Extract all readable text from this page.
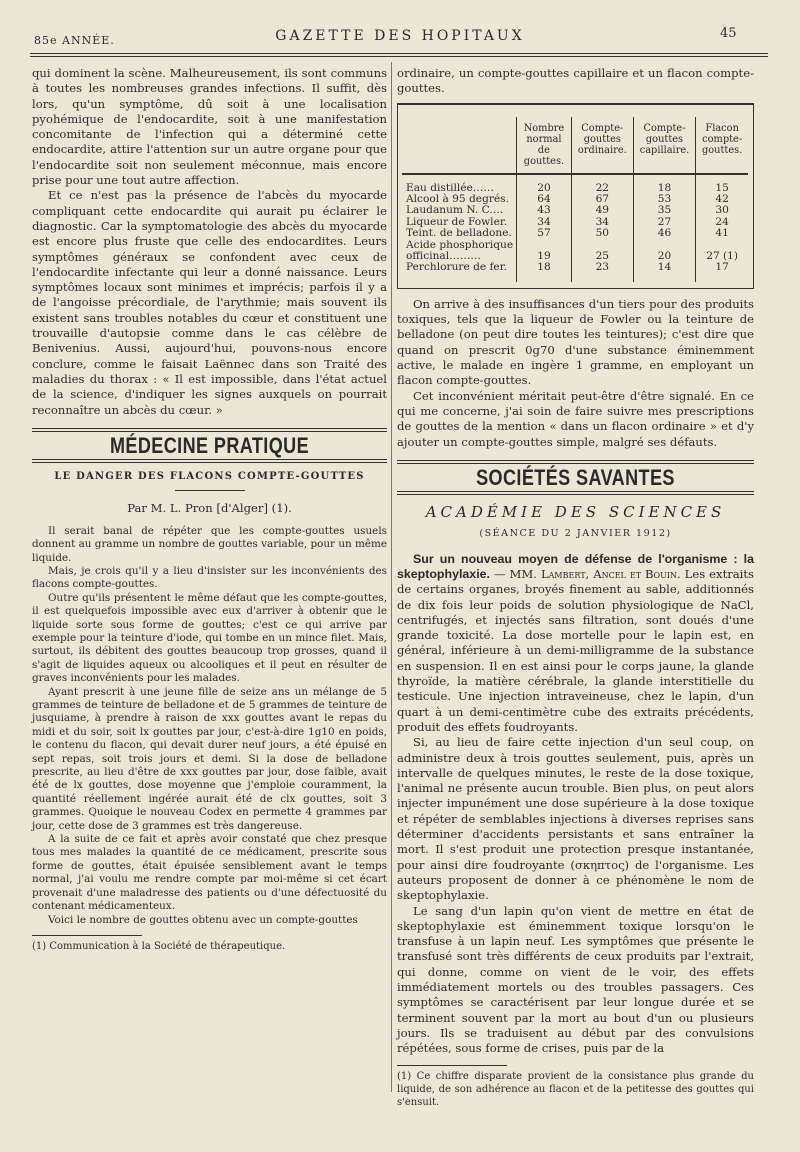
85e ANNÉE.	GAZETTE DES HOPITAUX	45

qui dominent la scène. Malheureusement, ils sont communs à toutes les nombreuses grandes infections. Il suffit, dès lors, qu'un symptôme, dû soit à une localisation pyohémique de l'endocardite, soit à une manifestation concomitante de l'infection qui a déterminé cette endocardite, attire l'attention sur un autre organe pour que l'endocardite soit non seulement méconnue, mais encore prise pour une tout autre affection.

Et ce n'est pas la présence de l'abcès du myocarde compliquant cette endocardite qui aurait pu éclairer le diagnostic. Car la symptomatologie des abcès du myocarde est encore plus fruste que celle des endocardites. Leurs symptômes généraux se confondent avec ceux de l'endocardite infectante qui leur a donné naissance. Leurs symptômes locaux sont minimes et imprécis; parfois il y a de l'angoisse précordiale, de l'arythmie; mais souvent ils existent sans troubles notables du cœur et constituent une trouvaille d'autopsie comme dans le cas célèbre de Benivenius. Aussi, aujourd'hui, pouvons-nous encore conclure, comme le faisait Laënnec dans son Traité des maladies du thorax : « Il est impossible, dans l'état actuel de la science, d'indiquer les signes auxquels on pourrait reconnaître un abcès du cœur. »

MÉDECINE PRATIQUE
LE DANGER DES FLACONS COMPTE-GOUTTES
Par M. L. Pron [d'Alger] (1).

Il serait banal de répéter que les compte-gouttes usuels donnent au gramme un nombre de gouttes variable, pour un même liquide.

Mais, je crois qu'il y a lieu d'insister sur les inconvénients des flacons compte-gouttes.

Outre qu'ils présentent le même défaut que les compte-gouttes, il est quelquefois impossible avec eux d'arriver à obtenir que le liquide sorte sous forme de gouttes; c'est ce qui arrive par exemple pour la teinture d'iode, qui tombe en un mince filet. Mais, surtout, ils débitent des gouttes beaucoup trop grosses, quand il s'agit de liquides aqueux ou alcooliques et il peut en résulter de graves inconvénients pour les malades.

Ayant prescrit à une jeune fille de seize ans un mélange de 5 grammes de teinture de belladone et de 5 grammes de teinture de jusquiame, à prendre à raison de xxx gouttes avant le repas du midi et du soir, soit lx gouttes par jour, c'est-à-dire 1g10 en poids, le contenu du flacon, qui devait durer neuf jours, a été épuisé en sept repas, soit trois jours et demi. Si la dose de belladone prescrite, au lieu d'être de xxx gouttes par jour, dose faible, avait été de lx gouttes, dose moyenne que j'emploie couramment, la quantité réellement ingérée aurait été de clx gouttes, soit 3 grammes. Quoique le nouveau Codex en permette 4 grammes par jour, cette dose de 3 grammes est très dangereuse.

A la suite de ce fait et après avoir constaté que chez presque tous mes malades la quantité de ce médicament, prescrite sous forme de gouttes, était épuisée sensiblement avant le temps normal, j'ai voulu me rendre compte par moi-même si cet écart provenait d'une maladresse des patients ou d'une défectuosité du contenant médicamenteux.

Voici le nombre de gouttes obtenu avec un compte-gouttes

(1) Communication à la Société de thérapeutique.

ordinaire, un compte-gouttes capillaire et un flacon compte-gouttes.

	Nombre normal de gouttes.	Compte-gouttes ordinaire.	Compte-gouttes capillaire.	Flacon compte-gouttes.
Eau distillée……	20	22	18	15
Alcool à 95 degrés.	64	67	53	42
Laudanum N. C.…	43	49	35	30
Liqueur de Fowler.	34	34	27	24
Teint. de belladone.	57	50	46	41
Acide phosphorique officinal………	19	25	20	27 (1)
Perchlorure de fer.	18	23	14	17

On arrive à des insuffisances d'un tiers pour des produits toxiques, tels que la liqueur de Fowler ou la teinture de belladone (on peut dire toutes les teintures); c'est dire que quand on prescrit 0g70 d'une substance éminemment active, le malade en ingère 1 gramme, en employant un flacon compte-gouttes.

Cet inconvénient méritait peut-être d'être signalé. En ce qui me concerne, j'ai soin de faire suivre mes prescriptions de gouttes de la mention « dans un flacon ordinaire » et d'y ajouter un compte-gouttes simple, malgré ses défauts.

SOCIÉTÉS SAVANTES
ACADÉMIE DES SCIENCES
(SÉANCE DU 2 JANVIER 1912)

Sur un nouveau moyen de défense de l'organisme : la skeptophylaxie. — MM. Lambert, Ancel et Bouin. Les extraits de certains organes, broyés finement au sable, additionnés de dix fois leur poids de solution physiologique de NaCl, centrifugés, et injectés sans filtration, sont doués d'une grande toxicité. La dose mortelle pour le lapin est, en général, inférieure à un demi-milligramme de la substance en suspension. Il en est ainsi pour le corps jaune, la glande thyroïde, la matière cérébrale, la glande interstitielle du testicule. Une injection intraveineuse, chez le lapin, d'un quart à un demi-centimètre cube des extraits précédents, produit des effets foudroyants.

Si, au lieu de faire cette injection d'un seul coup, on administre deux à trois gouttes seulement, puis, après un intervalle de quelques minutes, le reste de la dose toxique, l'animal ne présente aucun trouble. Bien plus, on peut alors injecter impunément une dose supérieure à la dose toxique et répéter de semblables injections à diverses reprises sans déterminer d'accidents persistants et sans entraîner la mort. Il s'est produit une protection presque instantanée, pour ainsi dire foudroyante (σκηπτος) de l'organisme. Les auteurs proposent de donner à ce phénomène le nom de skeptophylaxie.

Le sang d'un lapin qu'on vient de mettre en état de skeptophylaxie est éminemment toxique lorsqu'on le transfuse à un lapin neuf. Les symptômes que présente le transfusé sont très différents de ceux produits par l'extrait, qui donne, comme on vient de le voir, des effets immédiatement mortels ou des troubles passagers. Ces symptômes se caractérisent par leur longue durée et se terminent souvent par la mort au bout d'un ou plusieurs jours. Ils se traduisent au début par des convulsions répétées, sous forme de crises, puis par de la

(1) Ce chiffre disparate provient de la consistance plus grande du liquide, de son adhérence au flacon et de la petitesse des gouttes qui s'ensuit.
